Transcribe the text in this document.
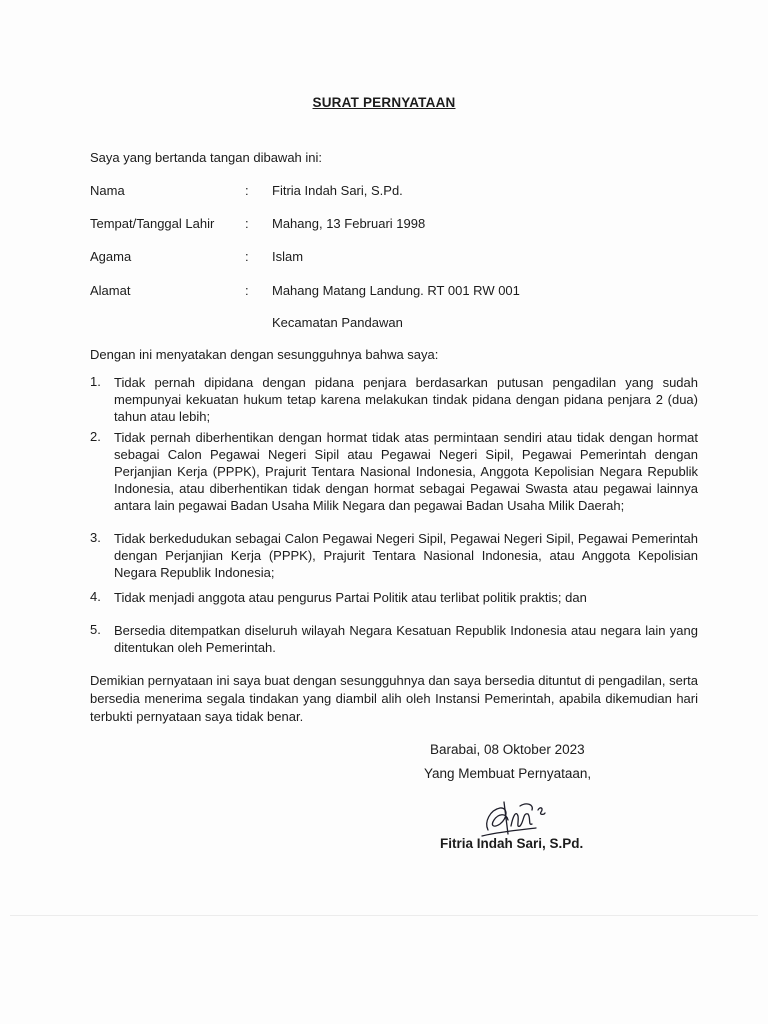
SURAT PERNYATAAN
Saya yang bertanda tangan dibawah ini:
Nama	: Fitria Indah Sari, S.Pd.
Tempat/Tanggal Lahir : Mahang, 13 Februari 1998
Agama	: Islam
Alamat	: Mahang Matang Landung. RT 001 RW 001
Kecamatan Pandawan
Dengan ini menyatakan dengan sesungguhnya bahwa saya:
1.	Tidak pernah dipidana dengan pidana penjara berdasarkan putusan pengadilan yang sudah mempunyai kekuatan hukum tetap karena melakukan tindak pidana dengan pidana penjara 2 (dua) tahun atau lebih;
2.	Tidak pernah diberhentikan dengan hormat tidak atas permintaan sendiri atau tidak dengan hormat sebagai Calon Pegawai Negeri Sipil atau Pegawai Negeri Sipil, Pegawai Pemerintah dengan Perjanjian Kerja (PPPK), Prajurit Tentara Nasional Indonesia, Anggota Kepolisian Negara Republik Indonesia, atau diberhentikan tidak dengan hormat sebagai Pegawai Swasta atau pegawai lainnya antara lain pegawai Badan Usaha Milik Negara dan pegawai Badan Usaha Milik Daerah;
3.	Tidak berkedudukan sebagai Calon Pegawai Negeri Sipil, Pegawai Negeri Sipil, Pegawai Pemerintah dengan Perjanjian Kerja (PPPK), Prajurit Tentara Nasional Indonesia, atau Anggota Kepolisian Negara Republik Indonesia;
4.	Tidak menjadi anggota atau pengurus Partai Politik atau terlibat politik praktis; dan
5.	Bersedia ditempatkan diseluruh wilayah Negara Kesatuan Republik Indonesia atau negara lain yang ditentukan oleh Pemerintah.
Demikian pernyataan ini saya buat dengan sesungguhnya dan saya bersedia dituntut di pengadilan, serta bersedia menerima segala tindakan yang diambil alih oleh Instansi Pemerintah, apabila dikemudian hari terbukti pernyataan saya tidak benar.
Barabai, 08 Oktober 2023
Yang Membuat Pernyataan,
Fitria Indah Sari, S.Pd.
